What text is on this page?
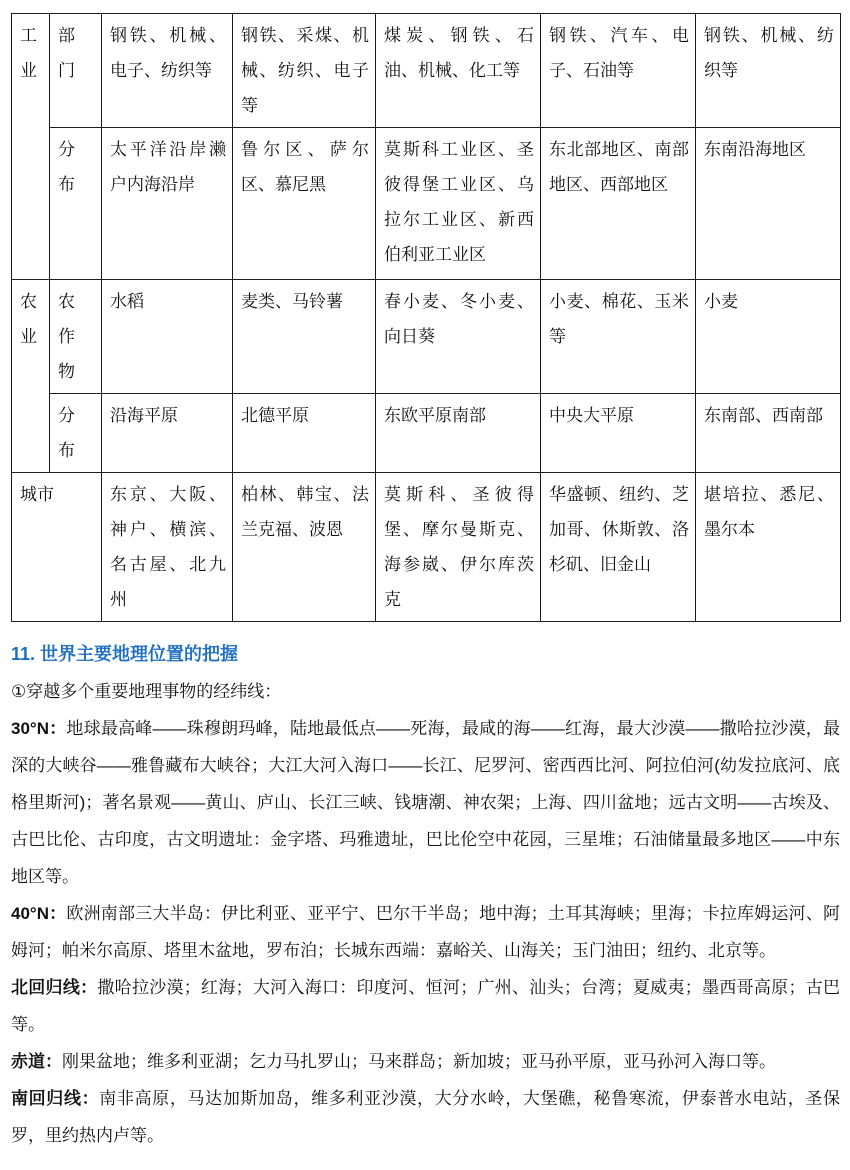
工业	部门	钢铁、机械、电子、纺织等	钢铁、采煤、机械、纺织、电子等	煤炭、钢铁、石油、机械、化工等	钢铁、汽车、电子、石油等	钢铁、机械、纺织等

	分布	太平洋沿岸濑户内海沿岸	鲁尔区、萨尔区、慕尼黑	莫斯科工业区、圣彼得堡工业区、乌拉尔工业区、新西伯利亚工业区	东北部地区、南部地区、西部地区	东南沿海地区

农业	农作物	水稻	麦类、马铃薯	春小麦、冬小麦、向日葵	小麦、棉花、玉米等	小麦

	分布	沿海平原	北德平原	东欧平原南部	中央大平原	东南部、西南部
城市		东京、大阪、神户、横滨、名古屋、北九州	柏林、韩宝、法兰克福、波恩	莫斯科、圣彼得堡、摩尔曼斯克、海参崴、伊尔库茨克	华盛顿、纽约、芝加哥、休斯敦、洛杉矶、旧金山	堪培拉、悉尼、墨尔本

11. 世界主要地理位置的把握

①穿越多个重要地理事物的经纬线：

30°N：地球最高峰——珠穆朗玛峰，陆地最低点——死海，最咸的海——红海，最大沙漠——撒哈拉沙漠，最深的大峡谷——雅鲁藏布大峡谷；大江大河入海口——长江、尼罗河、密西西比河、阿拉伯河(幼发拉底河、底格里斯河)；著名景观——黄山、庐山、长江三峡、钱塘潮、神农架；上海、四川盆地；远古文明——古埃及、古巴比伦、古印度，古文明遗址：金字塔、玛雅遗址，巴比伦空中花园，三星堆；石油储量最多地区——中东地区等。

40°N：欧洲南部三大半岛：伊比利亚、亚平宁、巴尔干半岛；地中海；土耳其海峡；里海；卡拉库姆运河、阿姆河；帕米尔高原、塔里木盆地，罗布泊；长城东西端：嘉峪关、山海关；玉门油田；纽约、北京等。

北回归线：撒哈拉沙漠；红海；大河入海口：印度河、恒河；广州、汕头；台湾；夏威夷；墨西哥高原；古巴等。

赤道：刚果盆地；维多利亚湖；乞力马扎罗山；马来群岛；新加坡；亚马孙平原，亚马孙河入海口等。

南回归线：南非高原，马达加斯加岛，维多利亚沙漠，大分水岭，大堡礁，秘鲁寒流，伊泰普水电站，圣保罗，里约热内卢等。
